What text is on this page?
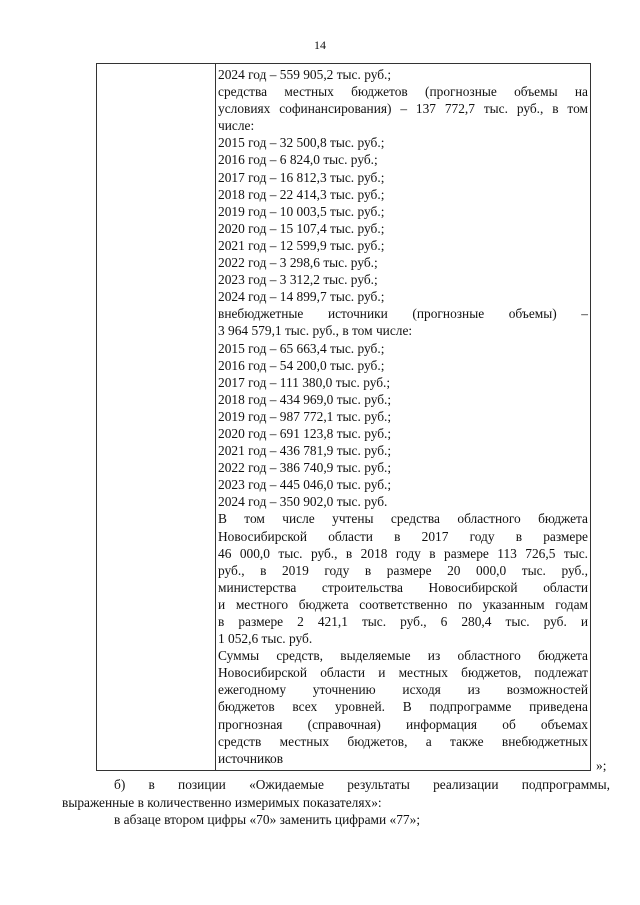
14
2024 год – 559 905,2 тыс. руб.;
средства местных бюджетов (прогнозные объемы на
условиях софинансирования) – 137 772,7 тыс. руб., в том
числе:
2015 год – 32 500,8 тыс. руб.;
2016 год – 6 824,0 тыс. руб.;
2017 год – 16 812,3 тыс. руб.;
2018 год – 22 414,3 тыс. руб.;
2019 год – 10 003,5 тыс. руб.;
2020 год – 15 107,4 тыс. руб.;
2021 год – 12 599,9 тыс. руб.;
2022 год – 3 298,6 тыс. руб.;
2023 год – 3 312,2 тыс. руб.;
2024 год – 14 899,7 тыс. руб.;
внебюджетные источники (прогнозные объемы) –
3 964 579,1 тыс. руб., в том числе:
2015 год – 65 663,4 тыс. руб.;
2016 год – 54 200,0 тыс. руб.;
2017 год – 111 380,0 тыс. руб.;
2018 год – 434 969,0 тыс. руб.;
2019 год – 987 772,1 тыс. руб.;
2020 год – 691 123,8 тыс. руб.;
2021 год – 436 781,9 тыс. руб.;
2022 год – 386 740,9 тыс. руб.;
2023 год – 445 046,0 тыс. руб.;
2024 год – 350 902,0 тыс. руб.
В том числе учтены средства областного бюджета
Новосибирской области в 2017 году в размере
46 000,0 тыс. руб., в 2018 году в размере 113 726,5 тыс.
руб., в 2019 году в размере 20 000,0 тыс. руб.,
министерства строительства Новосибирской области
и местного бюджета соответственно по указанным годам
в размере 2 421,1 тыс. руб., 6 280,4 тыс. руб. и
1 052,6 тыс. руб.
Суммы средств, выделяемые из областного бюджета
Новосибирской области и местных бюджетов, подлежат
ежегодному уточнению исходя из возможностей
бюджетов всех уровней. В подпрограмме приведена
прогнозная (справочная) информация об объемах
средств местных бюджетов, а также внебюджетных
источников	»;
б) в позиции «Ожидаемые результаты реализации подпрограммы,
выраженные в количественно измеримых показателях»:
в абзаце втором цифры «70» заменить цифрами «77»;
